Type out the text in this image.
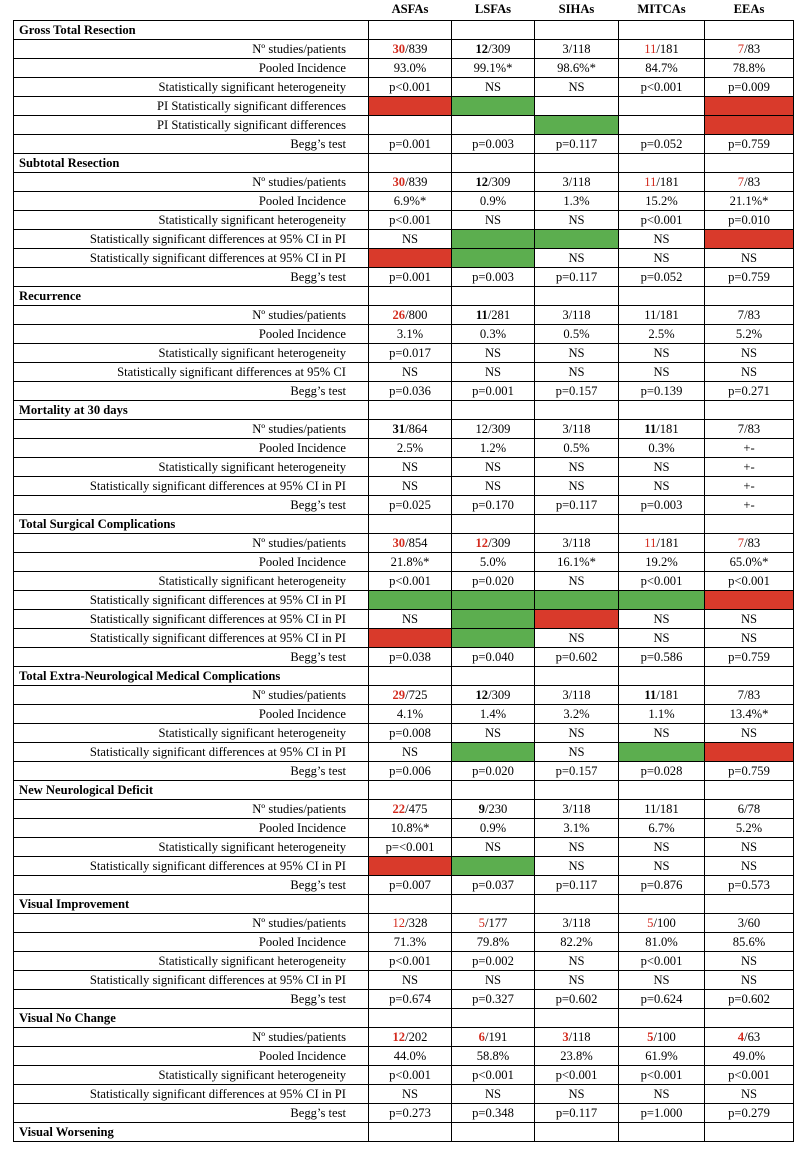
	ASFAs	LSFAs	SIHAs	MITCAs	EEAs
Gross Total Resection					
Nº studies/patients	30/839	12/309	3/118	11/181	7/83
Pooled Incidence	93.0%	99.1%*	98.6%*	84.7%	78.8%
Statistically significant heterogeneity	p<0.001	NS	NS	p<0.001	p=0.009
PI Statistically significant differences					
PI Statistically significant differences					
Begg’s test	p=0.001	p=0.003	p=0.117	p=0.052	p=0.759
Subtotal Resection					
Nº studies/patients	30/839	12/309	3/118	11/181	7/83
Pooled Incidence	6.9%*	0.9%	1.3%	15.2%	21.1%*
Statistically significant heterogeneity	p<0.001	NS	NS	p<0.001	p=0.010
Statistically significant differences at 95% CI in PI	NS			NS	
Statistically significant differences at 95% CI in PI			NS	NS	NS
Begg’s test	p=0.001	p=0.003	p=0.117	p=0.052	p=0.759
Recurrence					
Nº studies/patients	26/800	11/281	3/118	11/181	7/83
Pooled Incidence	3.1%	0.3%	0.5%	2.5%	5.2%
Statistically significant heterogeneity	p=0.017	NS	NS	NS	NS
Statistically significant differences at 95% CI	NS	NS	NS	NS	NS
Begg’s test	p=0.036	p=0.001	p=0.157	p=0.139	p=0.271
Mortality at 30 days					
Nº studies/patients	31/864	12/309	3/118	11/181	7/83
Pooled Incidence	2.5%	1.2%	0.5%	0.3%	+-
Statistically significant heterogeneity	NS	NS	NS	NS	+-
Statistically significant differences at 95% CI in PI	NS	NS	NS	NS	+-
Begg’s test	p=0.025	p=0.170	p=0.117	p=0.003	+-
Total Surgical Complications					
Nº studies/patients	30/854	12/309	3/118	11/181	7/83
Pooled Incidence	21.8%*	5.0%	16.1%*	19.2%	65.0%*
Statistically significant heterogeneity	p<0.001	p=0.020	NS	p<0.001	p<0.001
Statistically significant differences at 95% CI in PI					
Statistically significant differences at 95% CI in PI	NS			NS	NS
Statistically significant differences at 95% CI in PI			NS	NS	NS
Begg’s test	p=0.038	p=0.040	p=0.602	p=0.586	p=0.759
Total Extra-Neurological Medical Complications					
Nº studies/patients	29/725	12/309	3/118	11/181	7/83
Pooled Incidence	4.1%	1.4%	3.2%	1.1%	13.4%*
Statistically significant heterogeneity	p=0.008	NS	NS	NS	NS
Statistically significant differences at 95% CI in PI	NS		NS		
Begg’s test	p=0.006	p=0.020	p=0.157	p=0.028	p=0.759
New Neurological Deficit					
Nº studies/patients	22/475	9/230	3/118	11/181	6/78
Pooled Incidence	10.8%*	0.9%	3.1%	6.7%	5.2%
Statistically significant heterogeneity	p=<0.001	NS	NS	NS	NS
Statistically significant differences at 95% CI in PI			NS	NS	NS
Begg’s test	p=0.007	p=0.037	p=0.117	p=0.876	p=0.573
Visual Improvement					
Nº studies/patients	12/328	5/177	3/118	5/100	3/60
Pooled Incidence	71.3%	79.8%	82.2%	81.0%	85.6%
Statistically significant heterogeneity	p<0.001	p=0.002	NS	p<0.001	NS
Statistically significant differences at 95% CI in PI	NS	NS	NS	NS	NS
Begg’s test	p=0.674	p=0.327	p=0.602	p=0.624	p=0.602
Visual No Change					
Nº studies/patients	12/202	6/191	3/118	5/100	4/63
Pooled Incidence	44.0%	58.8%	23.8%	61.9%	49.0%
Statistically significant heterogeneity	p<0.001	p<0.001	p<0.001	p<0.001	p<0.001
Statistically significant differences at 95% CI in PI	NS	NS	NS	NS	NS
Begg’s test	p=0.273	p=0.348	p=0.117	p=1.000	p=0.279
Visual Worsening					
